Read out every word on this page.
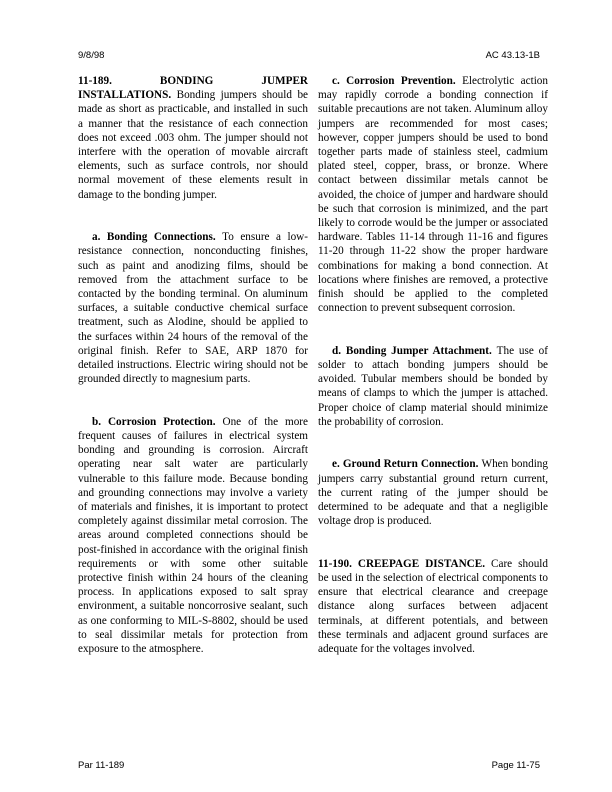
9/8/98	AC 43.13-1B

11-189. BONDING JUMPER INSTALLATIONS. Bonding jumpers should be made as short as practicable, and installed in such a manner that the resistance of each connection does not exceed .003 ohm. The jumper should not interfere with the operation of movable aircraft elements, such as surface controls, nor should normal movement of these elements result in damage to the bonding jumper.

a. Bonding Connections. To ensure a low-resistance connection, nonconducting finishes, such as paint and anodizing films, should be removed from the attachment surface to be contacted by the bonding terminal. On aluminum surfaces, a suitable conductive chemical surface treatment, such as Alodine, should be applied to the surfaces within 24 hours of the removal of the original finish. Refer to SAE, ARP 1870 for detailed instructions. Electric wiring should not be grounded directly to magnesium parts.

b. Corrosion Protection. One of the more frequent causes of failures in electrical system bonding and grounding is corrosion. Aircraft operating near salt water are particularly vulnerable to this failure mode. Because bonding and grounding connections may involve a variety of materials and finishes, it is important to protect completely against dissimilar metal corrosion. The areas around completed connections should be post-finished in accordance with the original finish requirements or with some other suitable protective finish within 24 hours of the cleaning process. In applications exposed to salt spray environment, a suitable noncorrosive sealant, such as one conforming to MIL-S-8802, should be used to seal dissimilar metals for protection from exposure to the atmosphere.

c. Corrosion Prevention. Electrolytic action may rapidly corrode a bonding connection if suitable precautions are not taken. Aluminum alloy jumpers are recommended for most cases; however, copper jumpers should be used to bond together parts made of stainless steel, cadmium plated steel, copper, brass, or bronze. Where contact between dissimilar metals cannot be avoided, the choice of jumper and hardware should be such that corrosion is minimized, and the part likely to corrode would be the jumper or associated hardware. Tables 11-14 through 11-16 and figures 11-20 through 11-22 show the proper hardware combinations for making a bond connection. At locations where finishes are removed, a protective finish should be applied to the completed connection to prevent subsequent corrosion.

d. Bonding Jumper Attachment. The use of solder to attach bonding jumpers should be avoided. Tubular members should be bonded by means of clamps to which the jumper is attached. Proper choice of clamp material should minimize the probability of corrosion.

e. Ground Return Connection. When bonding jumpers carry substantial ground return current, the current rating of the jumper should be determined to be adequate and that a negligible voltage drop is produced.

11-190. CREEPAGE DISTANCE. Care should be used in the selection of electrical components to ensure that electrical clearance and creepage distance along surfaces between adjacent terminals, at different potentials, and between these terminals and adjacent ground surfaces are adequate for the voltages involved.

Par 11-189	Page 11-75
